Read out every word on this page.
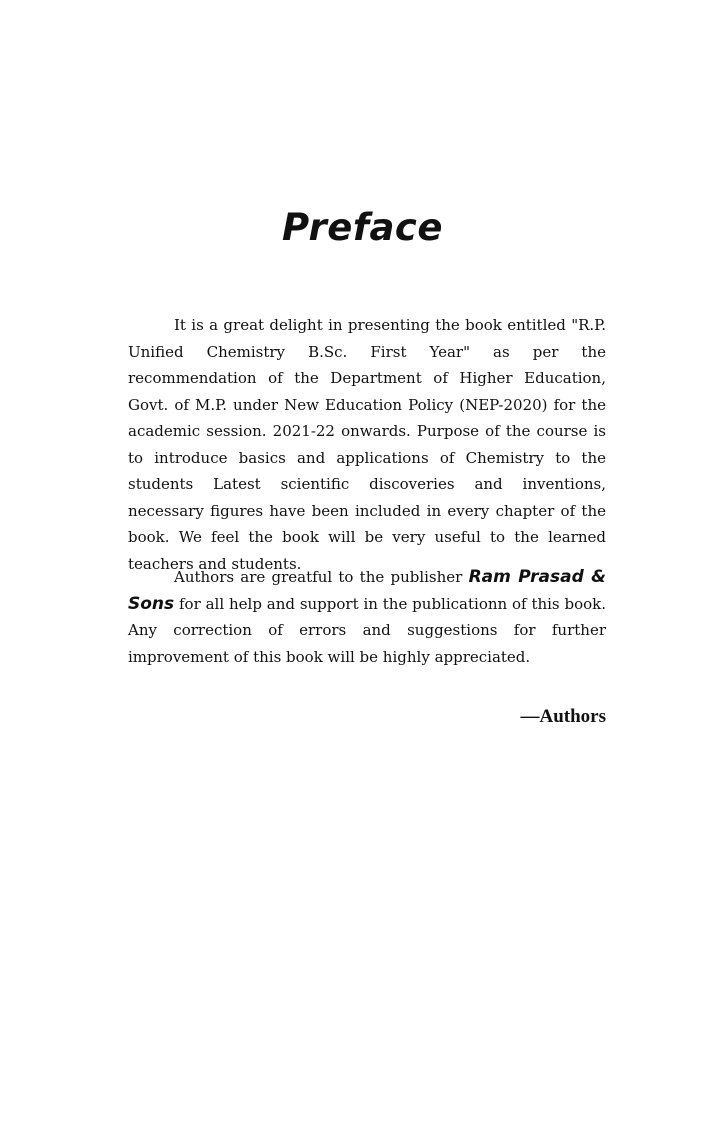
Preface

It is a great delight in presenting the book entitled "R.P. Unified Chemistry B.Sc. First Year" as per the recommendation of the Department of Higher Education, Govt. of M.P. under New Education Policy (NEP-2020) for the academic session. 2021-22 onwards. Purpose of the course is to introduce basics and applications of Chemistry to the students Latest scientific discoveries and inventions, necessary figures have been included in every chapter of the book. We feel the book will be very useful to the learned teachers and students.

Authors are greatful to the publisher Ram Prasad & Sons for all help and support in the publicationn of this book. Any correction of errors and suggestions for further improvement of this book will be highly appreciated.

—Authors
